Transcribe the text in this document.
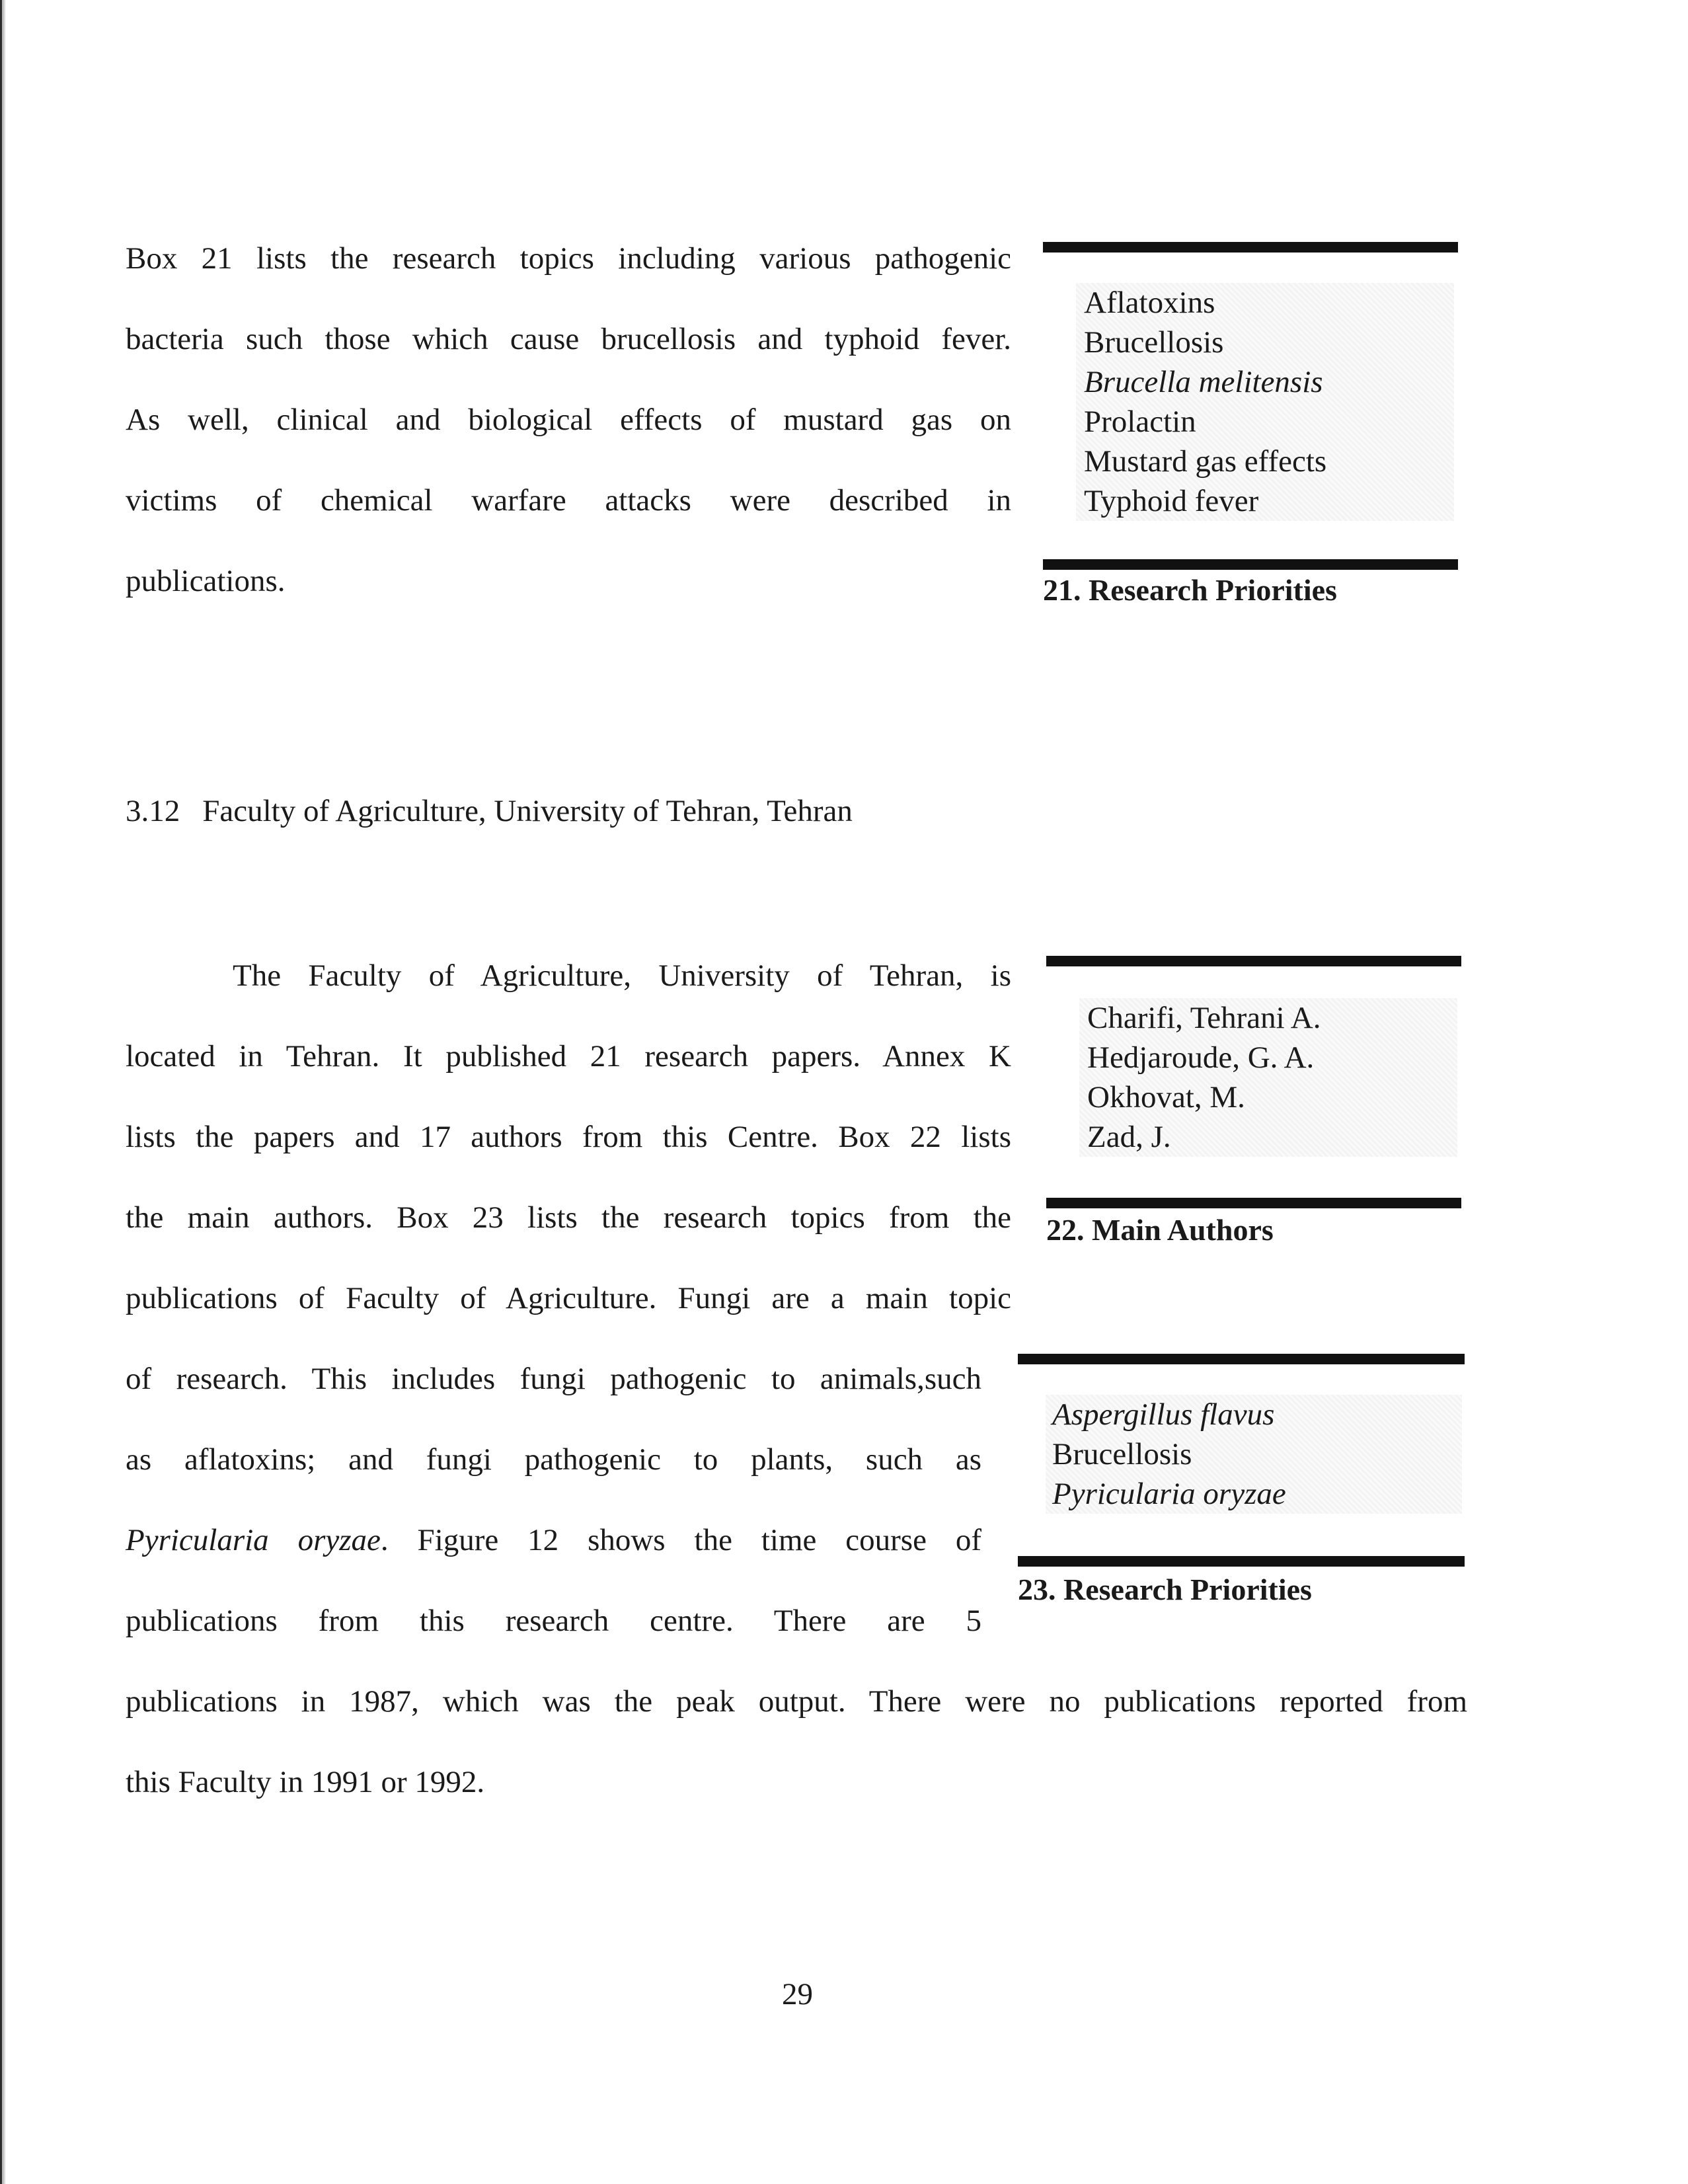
Box 21 lists the research topics including various pathogenic
bacteria such those which cause brucellosis and typhoid fever.
As well, clinical and biological effects of mustard gas on
victims of chemical warfare attacks were described in
publications.
Aflatoxins
Brucellosis
Brucella melitensis
Prolactin
Mustard gas effects
Typhoid fever
21. Research Priorities
3.12 Faculty of Agriculture, University of Tehran, Tehran
The Faculty of Agriculture, University of Tehran, is
located in Tehran. It published 21 research papers. Annex K
lists the papers and 17 authors from this Centre. Box 22 lists
the main authors. Box 23 lists the research topics from the
publications of Faculty of Agriculture. Fungi are a main topic
of research. This includes fungi pathogenic to animals,such
as aflatoxins; and fungi pathogenic to plants, such as
Pyricularia oryzae. Figure 12 shows the time course of
publications from this research centre. There are 5
publications in 1987, which was the peak output. There were no publications reported from
this Faculty in 1991 or 1992.
Charifi, Tehrani A.
Hedjaroude, G. A.
Okhovat, M.
Zad, J.
22. Main Authors
Aspergillus flavus
Brucellosis
Pyricularia oryzae
23. Research Priorities
29
